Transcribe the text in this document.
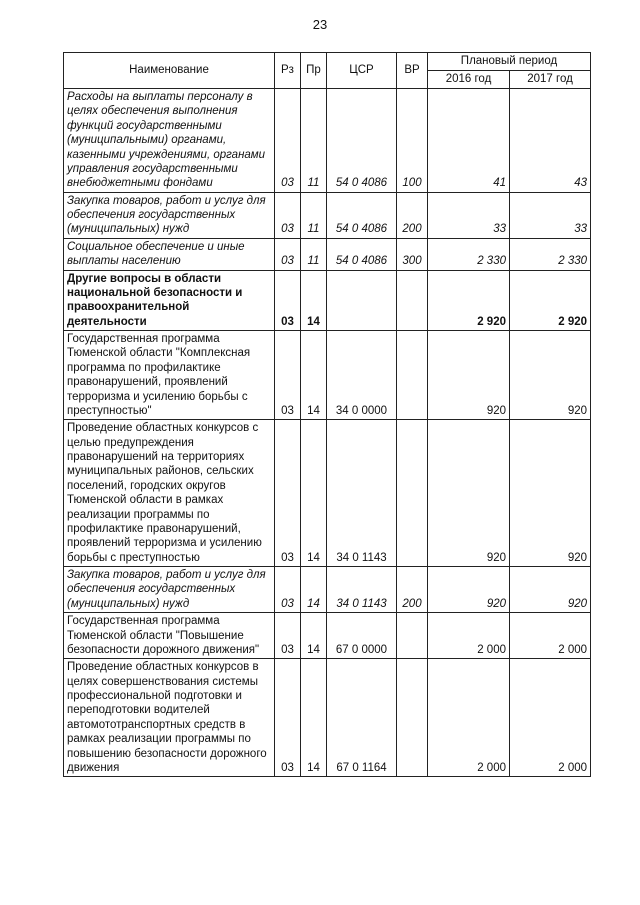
23
Наименование	Рз	Пр	ЦСР	ВР	Плановый период	
					2016 год	2017 год
Расходы на выплаты персоналу в целях обеспечения выполнения функций государственными (муниципальными) органами, казенными учреждениями, органами управления государственными внебюджетными фондами	03	11	54 0 4086	100	41	43
Закупка товаров, работ и услуг для обеспечения государственных (муниципальных) нужд	03	11	54 0 4086	200	33	33
Социальное обеспечение и иные выплаты населению	03	11	54 0 4086	300	2 330	2 330
Другие вопросы в области национальной безопасности и правоохранительной деятельности	03	14			2 920	2 920
Государственная программа Тюменской области "Комплексная программа по профилактике правонарушений, проявлений терроризма и усилению борьбы с преступностью"	03	14	34 0 0000		920	920
Проведение областных конкурсов с целью предупреждения правонарушений на территориях муниципальных районов, сельских поселений, городских округов Тюменской области в рамках реализации программы по профилактике правонарушений, проявлений терроризма и усилению борьбы с преступностью	03	14	34 0 1143		920	920
Закупка товаров, работ и услуг для обеспечения государственных (муниципальных) нужд	03	14	34 0 1143	200	920	920
Государственная программа Тюменской области "Повышение безопасности дорожного движения"	03	14	67 0 0000		2 000	2 000
Проведение областных конкурсов в целях совершенствования системы профессиональной подготовки и переподготовки водителей автомототранспортных средств в рамках реализации программы по повышению безопасности дорожного движения	03	14	67 0 1164		2 000	2 000
